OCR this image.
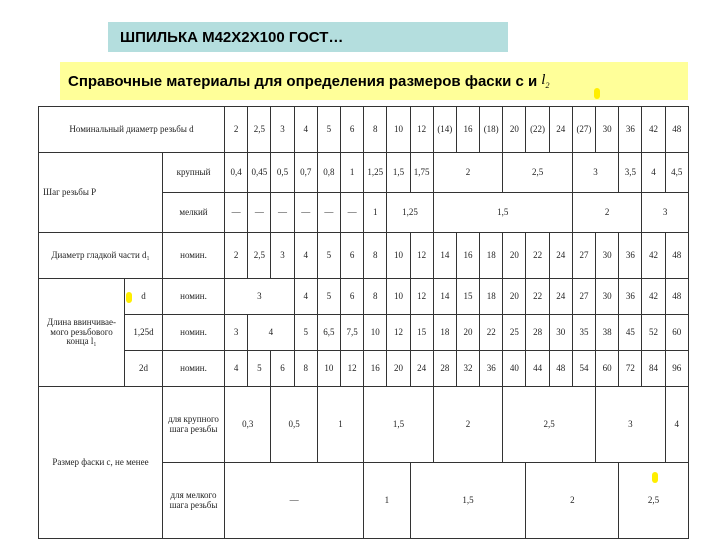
ШПИЛЬКА М42Х2Х100 ГОСТ…
Справочные материалы для определения размеров фаски с и $l_2$
Номинальный диаметр резьбы d			2	2,5	3	4	5	6	8	10	12	(14)	16	(18)	20	(22)	24	(27)	30	36	42	48	
Шаг резьбы P		крупный	0,4	0,45	0,5	0,7	0,8	1	1,25	1,5	1,75	2			2,5			3		3,5	4	4,5	
		мелкий	—	—	—	—	—	—	1	1,25		1,5						2			3		
Диаметр гладкой части d₁		номин.	2	2,5	3	4	5	6	8	10	12	14	16	18	20	22	24	27	30	36	42	48	
Длина ввинчивае-мого резьбового конца l₁	d	номин.	3			4	5	6	8	10	12	14	15	18	20	22	24	27	30	36	42	48	
	1,25d	номин.	3	4		5	6,5	7,5	10	12	15	18	20	22	25	28	30	35	38	45	52	60	
	2d	номин.	4	5	6	8	10	12	16	20	24	28	32	36	40	44	48	54	60	72	84	96	
Размер фаски с, не менее		для крупного шага резьбы	0,3		0,5		1		1,5			2			2,5				3			4	
		для мелкого шага резьбы	—						1		1,5					2				2,5			
